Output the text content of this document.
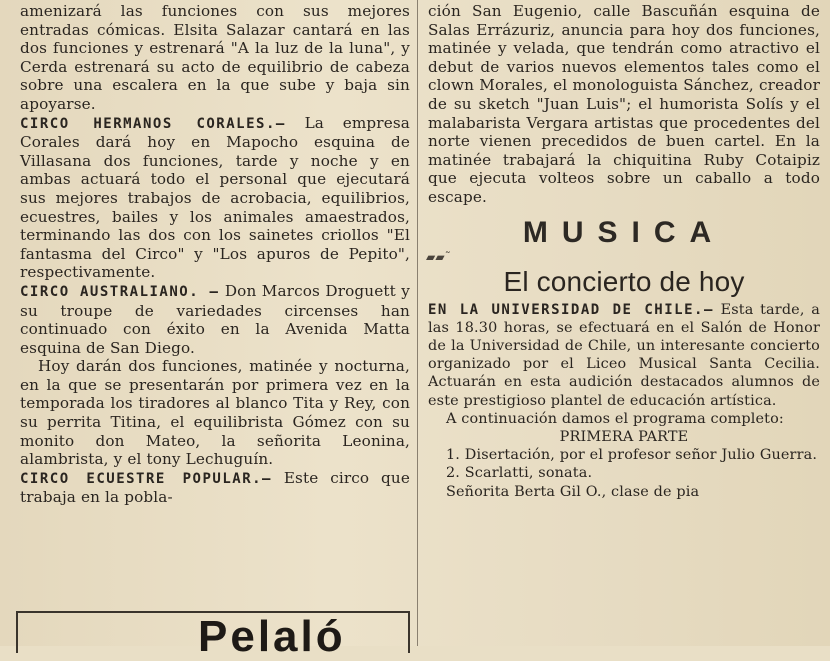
amenizará las funciones con sus mejores entradas cómicas. Elsita Salazar cantará en las dos funciones y estrenará "A la luz de la luna", y Cerda estrenará su acto de equilibrio de cabeza sobre una escalera en la que sube y baja sin apoyarse.

CIRCO HERMANOS CORALES.— La empresa Corales dará hoy en Mapocho esquina de Villasana dos funciones, tarde y noche y en ambas actuará todo el personal que ejecutará sus mejores trabajos de acrobacia, equilibrios, ecuestres, bailes y los animales amaestrados, terminando las dos con los sainetes criollos "El fantasma del Circo" y "Los apuros de Pepito", respectivamente.

CIRCO AUSTRALIANO. — Don Marcos Droguett y su troupe de variedades circenses han continuado con éxito en la Avenida Matta esquina de San Diego.

Hoy darán dos funciones, matinée y nocturna, en la que se presentarán por primera vez en la temporada los tiradores al blanco Tita y Rey, con su perrita Titina, el equilibrista Gómez con su monito don Mateo, la señorita Leonina, alambrista, y el tony Lechuguín.

CIRCO ECUESTRE POPULAR.— Este circo que trabaja en la pobla-

ción San Eugenio, calle Bascuñán esquina de Salas Errázuriz, anuncia para hoy dos funciones, matinée y velada, que tendrán como atractivo el debut de varios nuevos elementos tales como el clown Morales, el monologuista Sánchez, creador de su sketch "Juan Luis"; el humorista Solís y el malabarista Vergara artistas que procedentes del norte vienen precedidos de buen cartel. En la matinée trabajará la chiquitina Ruby Cotaipiz que ejecuta volteos sobre un caballo a todo escape.

MUSICA
▰▰˜
El concierto de hoy

EN LA UNIVERSIDAD DE CHILE.— Esta tarde, a las 18.30 horas, se efectuará en el Salón de Honor de la Universidad de Chile, un interesante concierto organizado por el Liceo Musical Santa Cecilia. Actuarán en esta audición destacados alumnos de este prestigioso plantel de educación artística.

A continuación damos el programa completo:

PRIMERA PARTE

1. Disertación, por el profesor señor Julio Guerra.

2. Scarlatti, sonata.

Señorita Berta Gil O., clase de pia

Pelaló
